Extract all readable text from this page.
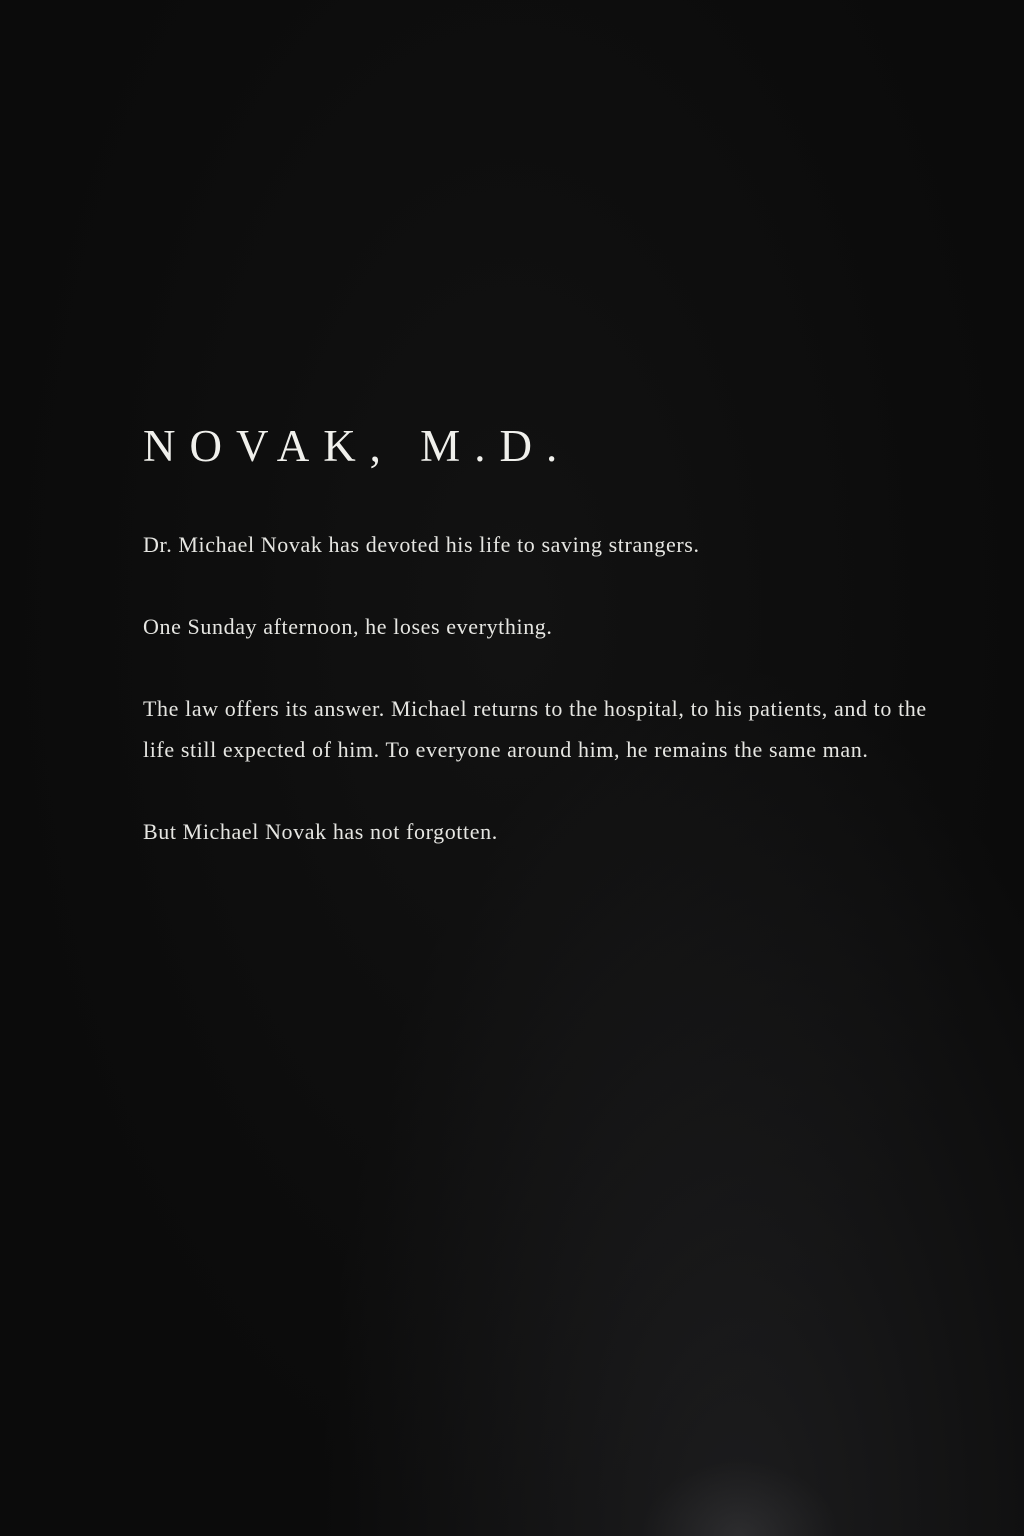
NOVAK, M.D.

Dr. Michael Novak has devoted his life to saving strangers.

One Sunday afternoon, he loses everything.

The law offers its answer. Michael returns to the hospital, to his patients, and to the life still expected of him. To everyone around him, he remains the same man.

But Michael Novak has not forgotten.
